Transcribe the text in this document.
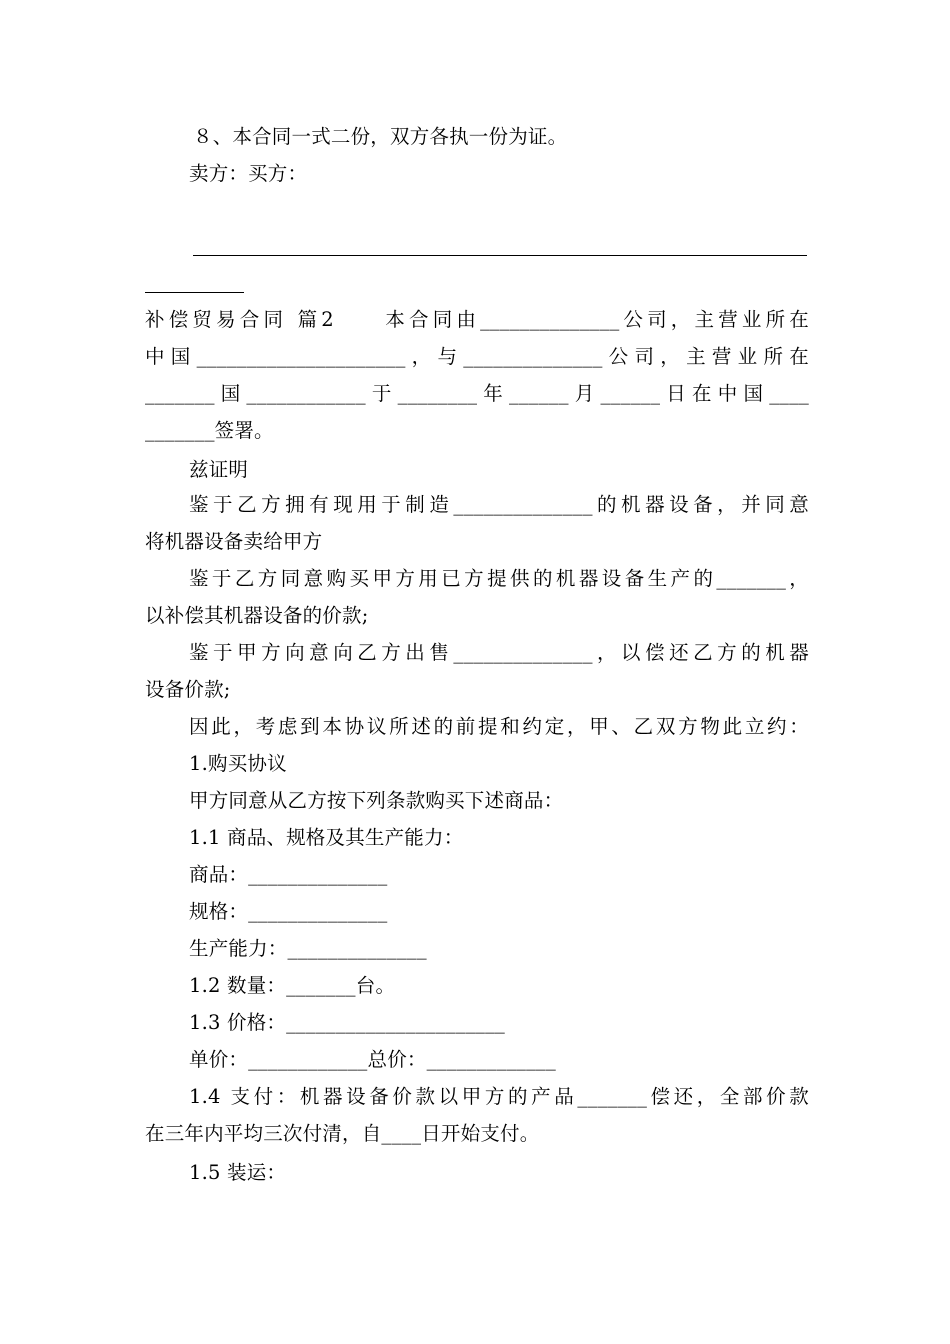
８、本合同一式二份，双方各执一份为证。
卖方：买方：
补偿贸易合同 篇2　　本合同由______________公司，主营业所在
中国_____________________，与______________公司，主营业所在
_______国____________于________年______月______日在中国____
_______签署。
兹证明
鉴于乙方拥有现用于制造______________的机器设备，并同意
将机器设备卖给甲方
鉴于乙方同意购买甲方用已方提供的机器设备生产的_______，
以补偿其机器设备的价款;
鉴于甲方向意向乙方出售______________，以偿还乙方的机器
设备价款;
因此，考虑到本协议所述的前提和约定，甲、乙双方物此立约：
1.购买协议
甲方同意从乙方按下列条款购买下述商品：
1.1 商品、规格及其生产能力：
商品：______________
规格：______________
生产能力：______________
1.2 数量：_______台。
1.3 价格：______________________
单价：____________总价：_____________
1.4 支付：机器设备价款以甲方的产品_______偿还，全部价款
在三年内平均三次付清，自____日开始支付。
1.5 装运：
